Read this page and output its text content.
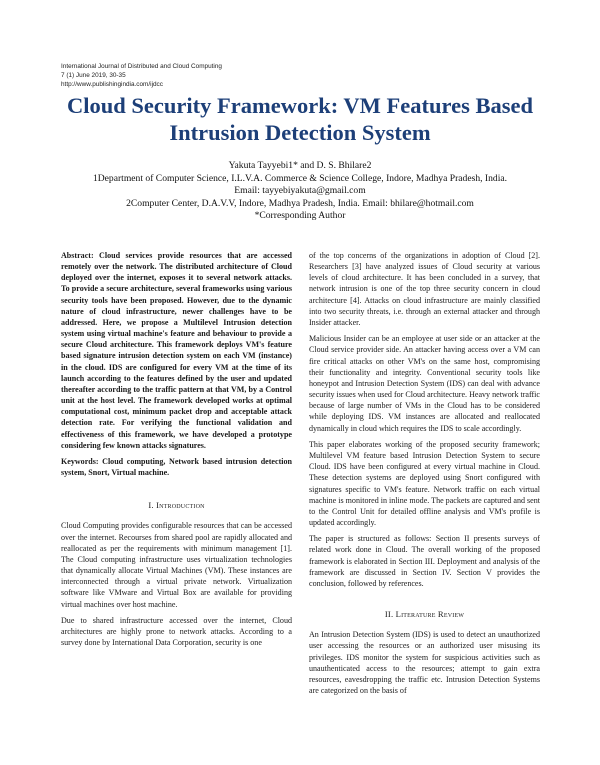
International Journal of Distributed and Cloud Computing
7 (1) June 2019, 30-35
http://www.publishingindia.com/ijdcc
Cloud Security Framework: VM Features Based
Intrusion Detection System
Yakuta Tayyebi1* and D. S. Bhilare2
1Department of Computer Science, I.L.V.A. Commerce & Science College, Indore, Madhya Pradesh, India.
Email: tayyebiyakuta@gmail.com
2Computer Center, D.A.V.V, Indore, Madhya Pradesh, India. Email: bhilare@hotmail.com
*Corresponding Author

Abstract: Cloud services provide resources that are accessed remotely over the network. The distributed architecture of Cloud deployed over the internet, exposes it to several network attacks. To provide a secure architecture, several frameworks using various security tools have been proposed. However, due to the dynamic nature of cloud infrastructure, newer challenges have to be addressed. Here, we propose a Multilevel Intrusion detection system using virtual machine's feature and behaviour to provide a secure Cloud architecture. This framework deploys VM's feature based signature intrusion detection system on each VM (instance) in the cloud. IDS are configured for every VM at the time of its launch according to the features defined by the user and updated thereafter according to the traffic pattern at that VM, by a Control unit at the host level. The framework developed works at optimal computational cost, minimum packet drop and acceptable attack detection rate. For verifying the functional validation and effectiveness of this framework, we have developed a prototype considering few known attacks signatures.

Keywords: Cloud computing, Network based intrusion detection system, Snort, Virtual machine.

I. Introduction

Cloud Computing provides configurable resources that can be accessed over the internet. Recourses from shared pool are rapidly allocated and reallocated as per the requirements with minimum management [1]. The Cloud computing infrastructure uses virtualization technologies that dynamically allocate Virtual Machines (VM). These instances are interconnected through a virtual private network. Virtualization software like VMware and Virtual Box are available for providing virtual machines over host machine.

Due to shared infrastructure accessed over the internet, Cloud architectures are highly prone to network attacks. According to a survey done by International Data Corporation, security is one

of the top concerns of the organizations in adoption of Cloud [2]. Researchers [3] have analyzed issues of Cloud security at various levels of cloud architecture. It has been concluded in a survey, that network intrusion is one of the top three security concern in cloud architecture [4]. Attacks on cloud infrastructure are mainly classified into two security threats, i.e. through an external attacker and through Insider attacker.

Malicious Insider can be an employee at user side or an attacker at the Cloud service provider side. An attacker having access over a VM can fire critical attacks on other VM's on the same host, compromising their functionality and integrity. Conventional security tools like honeypot and Intrusion Detection System (IDS) can deal with advance security issues when used for Cloud architecture. Heavy network traffic because of large number of VMs in the Cloud has to be considered while deploying IDS. VM instances are allocated and reallocated dynamically in cloud which requires the IDS to scale accordingly.

This paper elaborates working of the proposed security framework; Multilevel VM feature based Intrusion Detection System to secure Cloud. IDS have been configured at every virtual machine in Cloud. These detection systems are deployed using Snort configured with signatures specific to VM's feature. Network traffic on each virtual machine is monitored in inline mode. The packets are captured and sent to the Control Unit for detailed offline analysis and VM's profile is updated accordingly.

The paper is structured as follows: Section II presents surveys of related work done in Cloud. The overall working of the proposed framework is elaborated in Section III. Deployment and analysis of the framework are discussed in Section IV. Section V provides the conclusion, followed by references.

II. Literature Review

An Intrusion Detection System (IDS) is used to detect an unauthorized user accessing the resources or an authorized user misusing its privileges. IDS monitor the system for suspicious activities such as unauthenticated access to the resources; attempt to gain extra resources, eavesdropping the traffic etc. Intrusion Detection Systems are categorized on the basis of
